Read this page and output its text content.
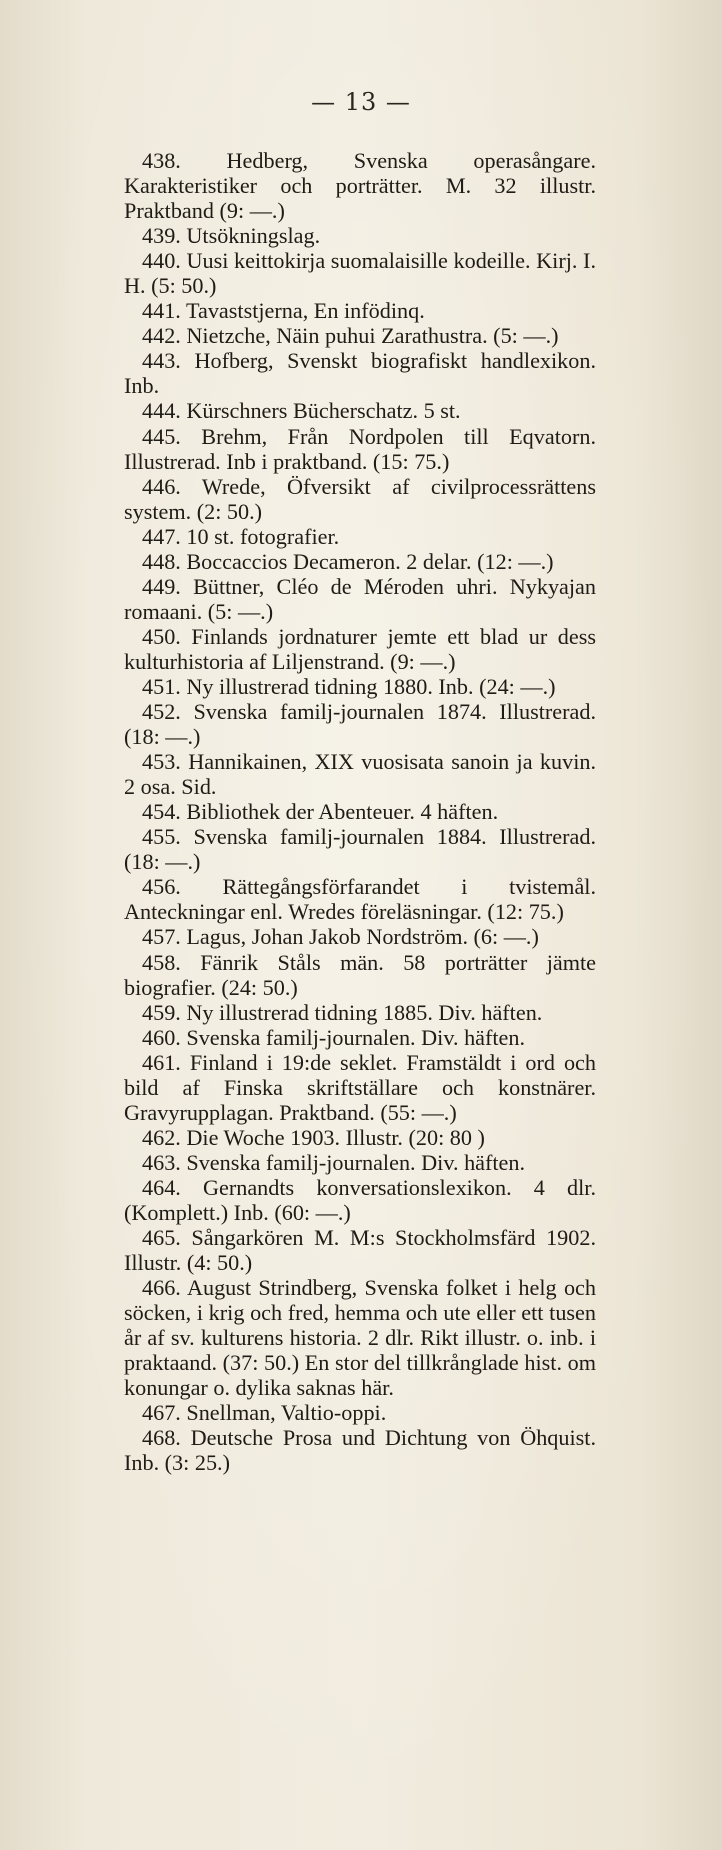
— 13 —

438. Hedberg, Svenska operasångare. Karakteristiker och porträtter. M. 32 illustr. Praktband (9: —.)

439. Utsökningslag.

440. Uusi keittokirja suomalaisille kodeille. Kirj. I. H. (5: 50.)

441. Tavaststjerna, En infödinq.

442. Nietzche, Näin puhui Zarathustra. (5: —.)

443. Hofberg, Svenskt biografiskt handlexikon. Inb.

444. Kürschners Bücherschatz. 5 st.

445. Brehm, Från Nordpolen till Eqvatorn. Illustrerad. Inb i praktband. (15: 75.)

446. Wrede, Öfversikt af civilprocessrättens system. (2: 50.)

447. 10 st. fotografier.

448. Boccaccios Decameron. 2 delar. (12: —.)

449. Büttner, Cléo de Méroden uhri. Nykyajan romaani. (5: —.)

450. Finlands jordnaturer jemte ett blad ur dess kulturhistoria af Liljenstrand. (9: —.)

451. Ny illustrerad tidning 1880. Inb. (24: —.)

452. Svenska familj-journalen 1874. Illustrerad. (18: —.)

453. Hannikainen, XIX vuosisata sanoin ja kuvin. 2 osa. Sid.

454. Bibliothek der Abenteuer. 4 häften.

455. Svenska familj-journalen 1884. Illustrerad. (18: —.)

456. Rättegångsförfarandet i tvistemål. Anteckningar enl. Wredes föreläsningar. (12: 75.)

457. Lagus, Johan Jakob Nordström. (6: —.)

458. Fänrik Ståls män. 58 porträtter jämte biografier. (24: 50.)

459. Ny illustrerad tidning 1885. Div. häften.

460. Svenska familj-journalen. Div. häften.

461. Finland i 19:de seklet. Framstäldt i ord och bild af Finska skriftställare och konstnärer. Gravyrupplagan. Praktband. (55: —.)

462. Die Woche 1903. Illustr. (20: 80 )

463. Svenska familj-journalen. Div. häften.

464. Gernandts konversationslexikon. 4 dlr. (Komplett.) Inb. (60: —.)

465. Sångarkören M. M:s Stockholmsfärd 1902. Illustr. (4: 50.)

466. August Strindberg, Svenska folket i helg och söcken, i krig och fred, hemma och ute eller ett tusen år af sv. kulturens historia. 2 dlr. Rikt illustr. o. inb. i praktaand. (37: 50.) En stor del tillkrånglade hist. om konungar o. dylika saknas här.

467. Snellman, Valtio-oppi.

468. Deutsche Prosa und Dichtung von Öhquist. Inb. (3: 25.)
